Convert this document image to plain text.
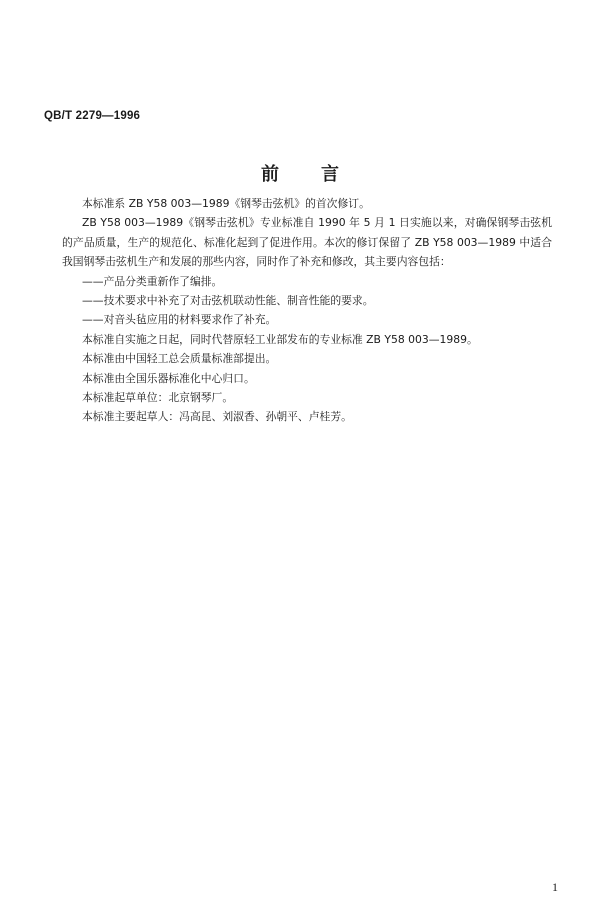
QB/T 2279—1996
前言

本标准系 ZB Y58 003—1989《钢琴击弦机》的首次修订。

ZB Y58 003—1989《钢琴击弦机》专业标准自 1990 年 5 月 1 日实施以来，对确保钢琴击弦机的产品质量，生产的规范化、标准化起到了促进作用。本次的修订保留了 ZB Y58 003—1989 中适合我国钢琴击弦机生产和发展的那些内容，同时作了补充和修改，其主要内容包括：

——产品分类重新作了编排。

——技术要求中补充了对击弦机联动性能、制音性能的要求。

——对音头毡应用的材料要求作了补充。

本标准自实施之日起，同时代替原轻工业部发布的专业标准 ZB Y58 003—1989。

本标准由中国轻工总会质量标准部提出。

本标准由全国乐器标准化中心归口。

本标准起草单位：北京钢琴厂。

本标准主要起草人：冯高昆、刘淑香、孙朝平、卢桂芳。

1
